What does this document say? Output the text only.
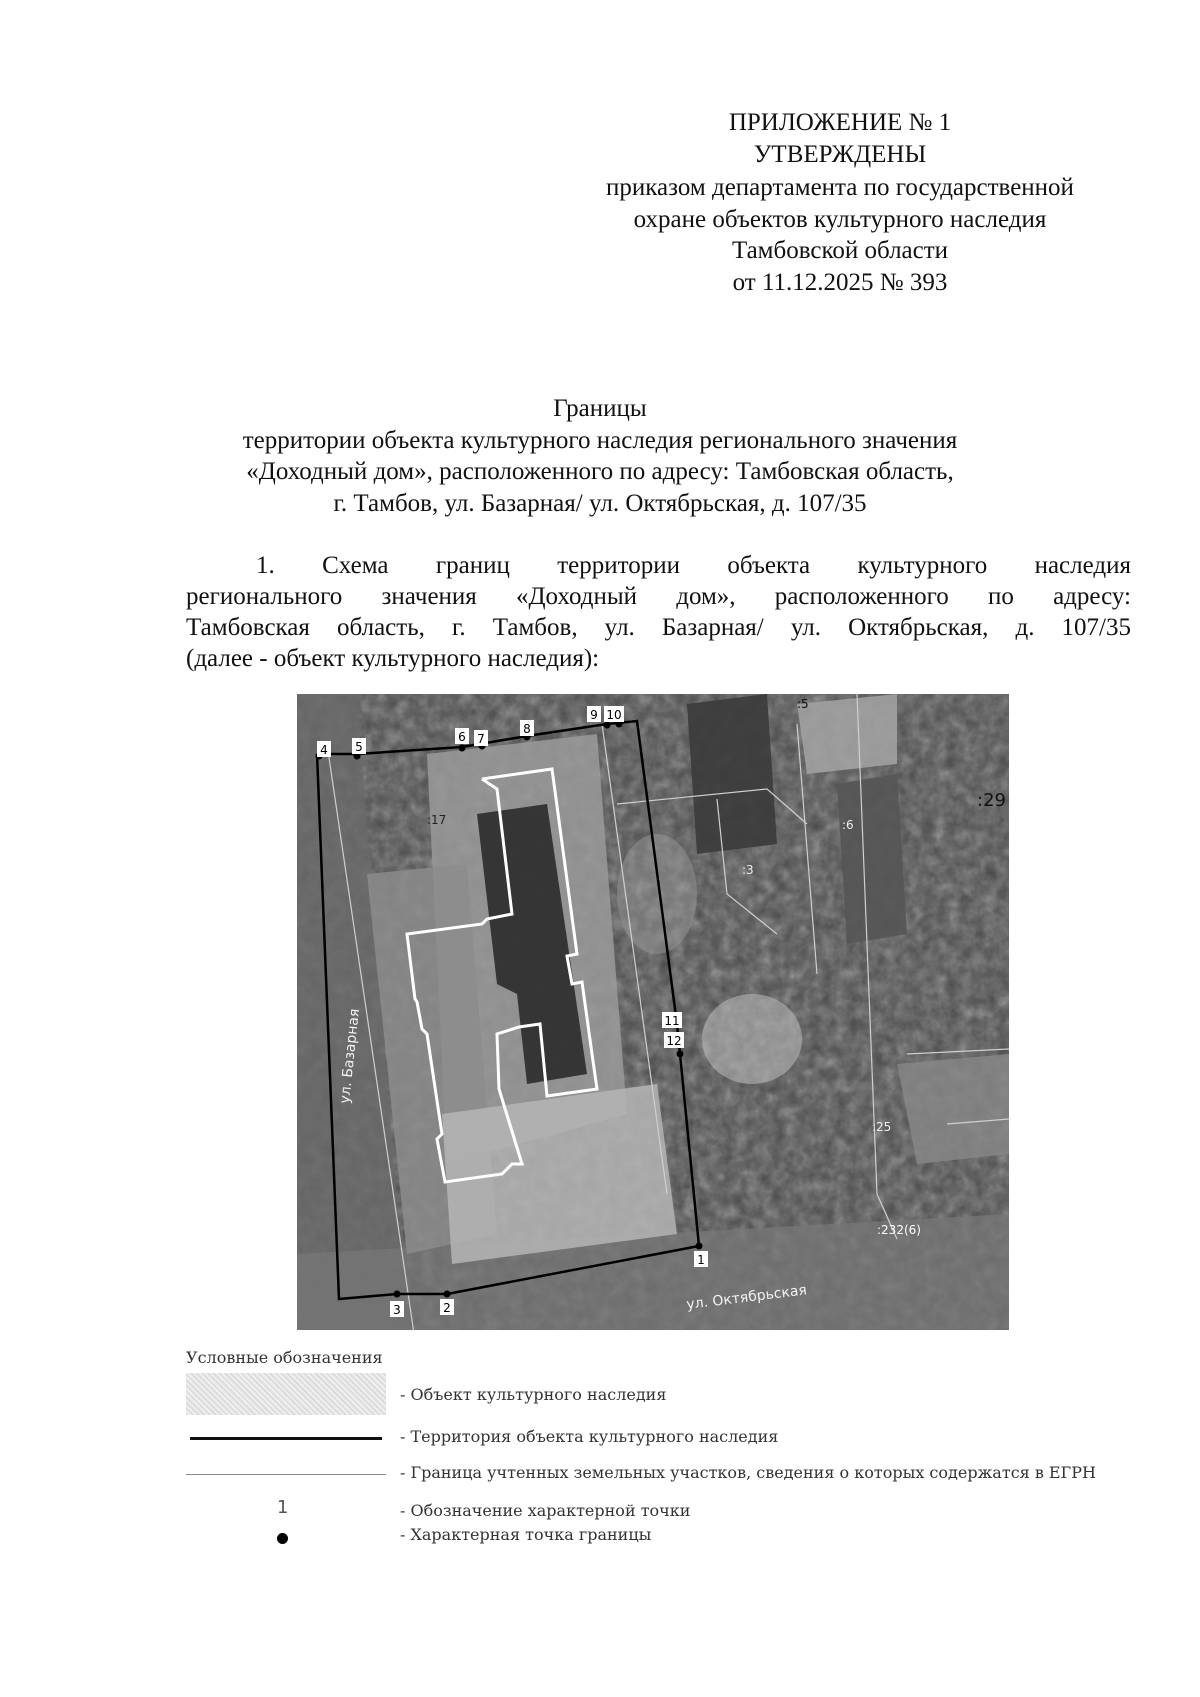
ПРИЛОЖЕНИЕ № 1
УТВЕРЖДЕНЫ
приказом департамента по государственной
охране объектов культурного наследия
Тамбовской области
от 11.12.2025 № 393
Границы
территории объекта культурного наследия регионального значения
«Доходный дом», расположенного по адресу: Тамбовская область,
г. Тамбов, ул. Базарная/ ул. Октябрьская, д. 107/35
1. Схема границ территории объекта культурного наследия
регионального значения «Доходный дом», расположенного по адресу:
Тамбовская область, г. Тамбов, ул. Базарная/ ул. Октябрьская, д. 107/35
(далее - объект культурного наследия):
1
2
3
4 5
6 7
8
9 10
11
12
:5
:17
:3
:6
:29
:25
:232(6)
ул. Базарная
ул. Октябрьская
Условные обозначения
- Объект культурного наследия
- Территория объекта культурного наследия
- Граница учтенных земельных участков, сведения о которых содержатся в ЕГРН
1	- Обозначение характерной точки
- Характерная точка границы
